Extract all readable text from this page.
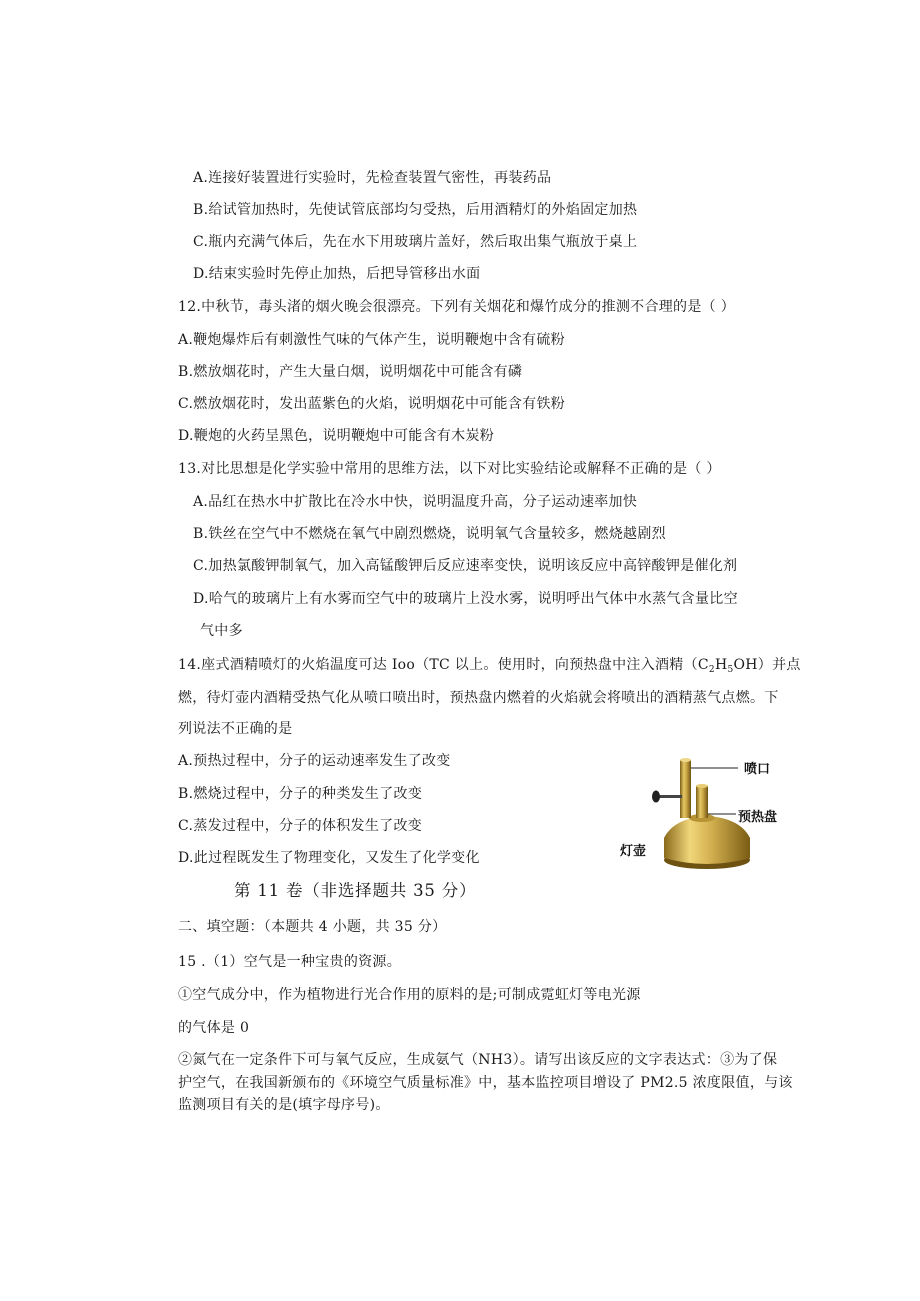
A.连接好装置进行实验时，先检查装置气密性，再装药品
B.给试管加热时，先使试管底部均匀受热，后用酒精灯的外焰固定加热
C.瓶内充满气体后，先在水下用玻璃片盖好，然后取出集气瓶放于桌上
D.结束实验时先停止加热，后把导管移出水面
12.中秋节，毒头渚的烟火晚会很漂亮。下列有关烟花和爆竹成分的推测不合理的是（ ）
A.鞭炮爆炸后有刺激性气味的气体产生，说明鞭炮中含有硫粉
B.燃放烟花时，产生大量白烟，说明烟花中可能含有磷
C.燃放烟花时，发出蓝紫色的火焰，说明烟花中可能含有铁粉
D.鞭炮的火药呈黑色，说明鞭炮中可能含有木炭粉
13.对比思想是化学实验中常用的思维方法，以下对比实验结论或解释不正确的是（ ）
A.品红在热水中扩散比在冷水中快，说明温度升高，分子运动速率加快
B.铁丝在空气中不燃烧在氧气中剧烈燃烧，说明氧气含量较多，燃烧越剧烈
C.加热氯酸钾制氧气，加入高锰酸钾后反应速率变快，说明该反应中高锌酸钾是催化剂
D.哈气的玻璃片上有水雾而空气中的玻璃片上没水雾，说明呼出气体中水蒸气含量比空
气中多
14.座式酒精喷灯的火焰温度可达 Ioo（TC 以上。使用时，向预热盘中注入酒精$(C_2H_5OH)$并点
燃，待灯壶内酒精受热气化从喷口喷出时，预热盘内燃着的火焰就会将喷出的酒精蒸气点燃。下
列说法不正确的是
A.预热过程中，分子的运动速率发生了改变
B.燃烧过程中，分子的种类发生了改变
C.蒸发过程中，分子的体积发生了改变
D.此过程既发生了物理变化，又发生了化学变化
喷口
预热盘
灯壶
第 11 卷（非选择题共 35 分）
二、填空题：（本题共 4 小题，共 35 分）
15 .（1）空气是一种宝贵的资源。
①空气成分中，作为植物进行光合作用的原料的是;可制成霓虹灯等电光源
的气体是 0
②氮气在一定条件下可与氧气反应，生成氨气（NH3）。请写出该反应的文字表达式：③为了保
护空气，在我国新颁布的《环境空气质量标准》中，基本监控项目增设了 PM2.5 浓度限值，与该
监测项目有关的是(填字母序号)。
